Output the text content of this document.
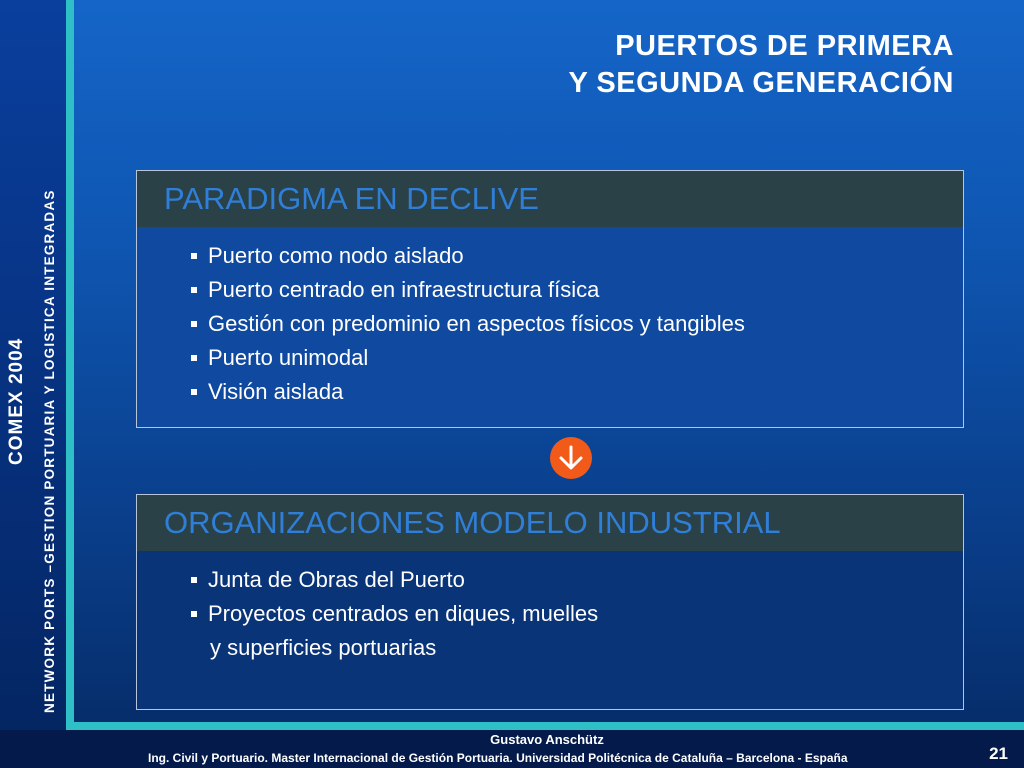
COMEX 2004 NETWORK PORTS –GESTION PORTUARIA Y LOGISTICA INTEGRADAS
PUERTOS DE PRIMERA
Y SEGUNDA GENERACIÓN
PARADIGMA EN DECLIVE
Puerto como nodo aislado
Puerto centrado en infraestructura física
Gestión con predominio en aspectos físicos y tangibles
Puerto unimodal
Visión aislada
ORGANIZACIONES MODELO INDUSTRIAL
Junta de Obras del Puerto
Proyectos centrados en diques, muelles
y superficies portuarias
Gustavo Anschütz
Ing. Civil y Portuario. Master Internacional de Gestión Portuaria. Universidad Politécnica de Cataluña – Barcelona - España	21
